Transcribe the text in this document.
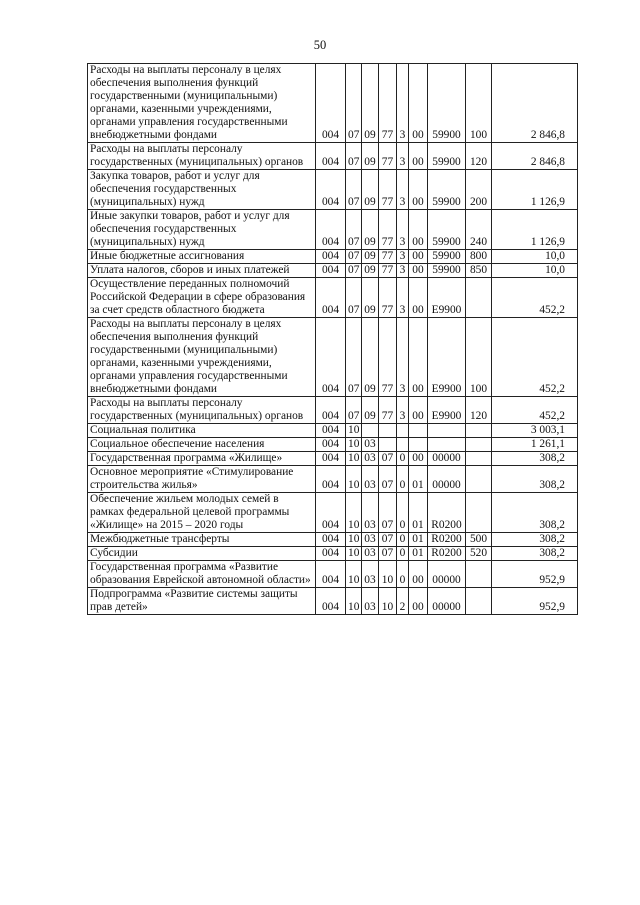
50
Расходы на выплаты персоналу в целях обеспечения выполнения функций государственными (муниципальными) органами, казенными учреждениями, органами управления государственными внебюджетными фондами	004	07	09	77	3	00	59900	100	2 846,8
Расходы на выплаты персоналу государственных (муниципальных) органов	004	07	09	77	3	00	59900	120	2 846,8
Закупка товаров, работ и услуг для обеспечения государственных (муниципальных) нужд	004	07	09	77	3	00	59900	200	1 126,9
Иные закупки товаров, работ и услуг для обеспечения государственных (муниципальных) нужд	004	07	09	77	3	00	59900	240	1 126,9
Иные бюджетные ассигнования	004	07	09	77	3	00	59900	800	10,0
Уплата налогов, сборов и иных платежей	004	07	09	77	3	00	59900	850	10,0
Осуществление переданных полномочий Российской Федерации в сфере образования за счет средств областного бюджета	004	07	09	77	3	00	Е9900		452,2
Расходы на выплаты персоналу в целях обеспечения выполнения функций государственными (муниципальными) органами, казенными учреждениями, органами управления государственными внебюджетными фондами	004	07	09	77	3	00	Е9900	100	452,2
Расходы на выплаты персоналу государственных (муниципальных) органов	004	07	09	77	3	00	Е9900	120	452,2
Социальная политика	004	10							3 003,1
Социальное обеспечение населения	004	10	03						1 261,1
Государственная программа «Жилище»	004	10	03	07	0	00	00000		308,2
Основное мероприятие «Стимулирование строительства жилья»	004	10	03	07	0	01	00000		308,2
Обеспечение жильем молодых семей в рамках федеральной целевой программы «Жилище» на 2015 – 2020 годы	004	10	03	07	0	01	R0200		308,2
Межбюджетные трансферты	004	10	03	07	0	01	R0200	500	308,2
Субсидии	004	10	03	07	0	01	R0200	520	308,2
Государственная программа «Развитие образования Еврейской автономной области»	004	10	03	10	0	00	00000		952,9
Подпрограмма «Развитие системы защиты прав детей»	004	10	03	10	2	00	00000		952,9
